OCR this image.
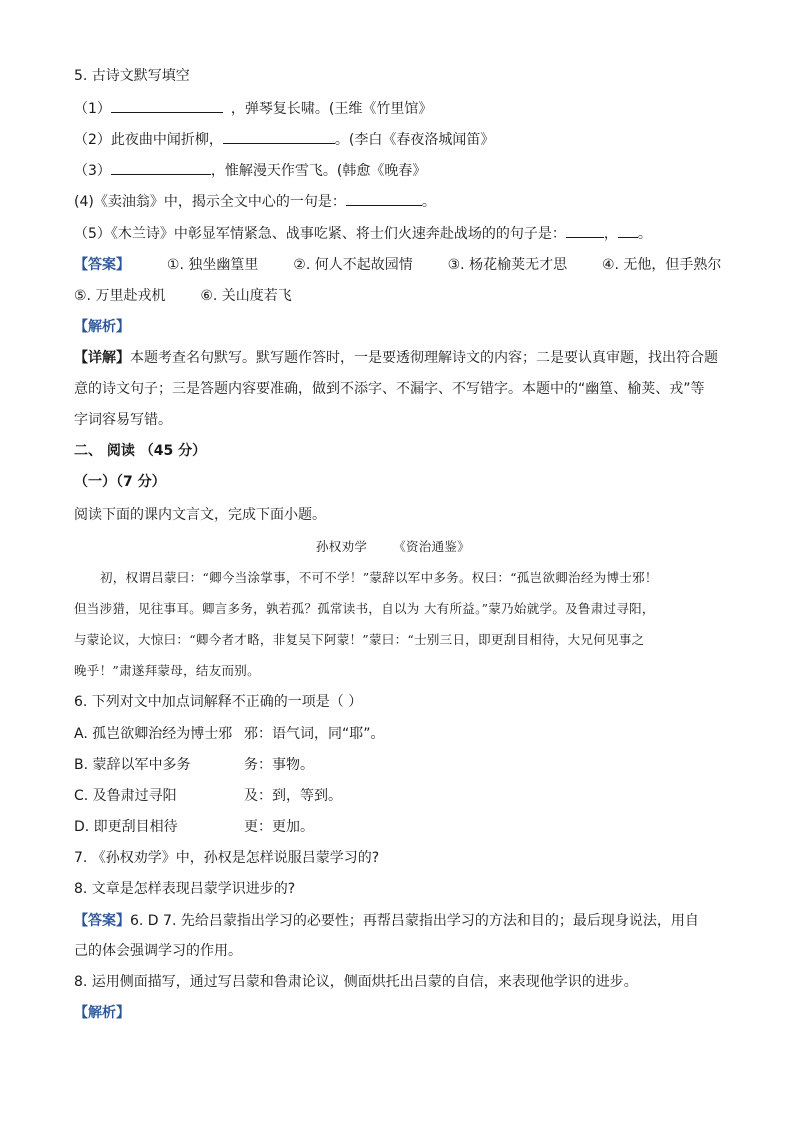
5. 古诗文默写填空
（1）	，弹琴复长啸。(王维《竹里馆》
（2）此夜曲中闻折柳，	。(李白《春夜洛城闻笛》
（3）	，惟解漫天作雪飞。(韩愈《晚春》
(4)《卖油翁》中，揭示全文中心的一句是：	。
（5）《木兰诗》中彰显军情紧急、战事吃紧、将士们火速奔赴战场的的句子是：	， 。
【答案】	①. 独坐幽篁里 ②. 何人不起故园情 ③. 杨花榆荚无才思 ④. 无他，但手熟尔
⑤. 万里赴戎机 ⑥. 关山度若飞
【解析】
【详解】本题考查名句默写。默写题作答时，一是要透彻理解诗文的内容；二是要认真审题，找出符合题
意的诗文句子；三是答题内容要准确，做到不添字、不漏字、不写错字。本题中的“幽篁、榆荚、戎”等
字词容易写错。
二、 阅读 （45 分）
（一）（7 分）
阅读下面的课内文言文，完成下面小题。
孙权劝学 《资治通鉴》
初，权谓吕蒙曰：“卿今当涂掌事，不可不学！”蒙辞以军中多务。权曰：“孤岂欲卿治经为博士邪！
但当涉猎，见往事耳。卿言多务，孰若孤？孤常读书，自以为 大有所益。”蒙乃始就学。及鲁肃过寻阳，
与蒙论议，大惊曰：“卿今者才略，非复吴下阿蒙！”蒙曰：“士别三日，即更刮目相待，大兄何见事之
晚乎！”肃遂拜蒙母，结友而别。
6. 下列对文中加点词解释不正确的一项是（ ）
A. 孤岂欲卿治经为博士邪 邪：语气词，同“耶”。
B. 蒙辞以军中多务	务：事物。
C. 及鲁肃过寻阳	及：到，等到。
D. 即更刮目相待	更：更加。
7. 《孙权劝学》中，孙权是怎样说服吕蒙学习的?
8. 文章是怎样表现吕蒙学识进步的?
【答案】6. D 7. 先给吕蒙指出学习的必要性；再帮吕蒙指出学习的方法和目的；最后现身说法，用自
己的体会强调学习的作用。
8. 运用侧面描写，通过写吕蒙和鲁肃论议，侧面烘托出吕蒙的自信，来表现他学识的进步。
【解析】
